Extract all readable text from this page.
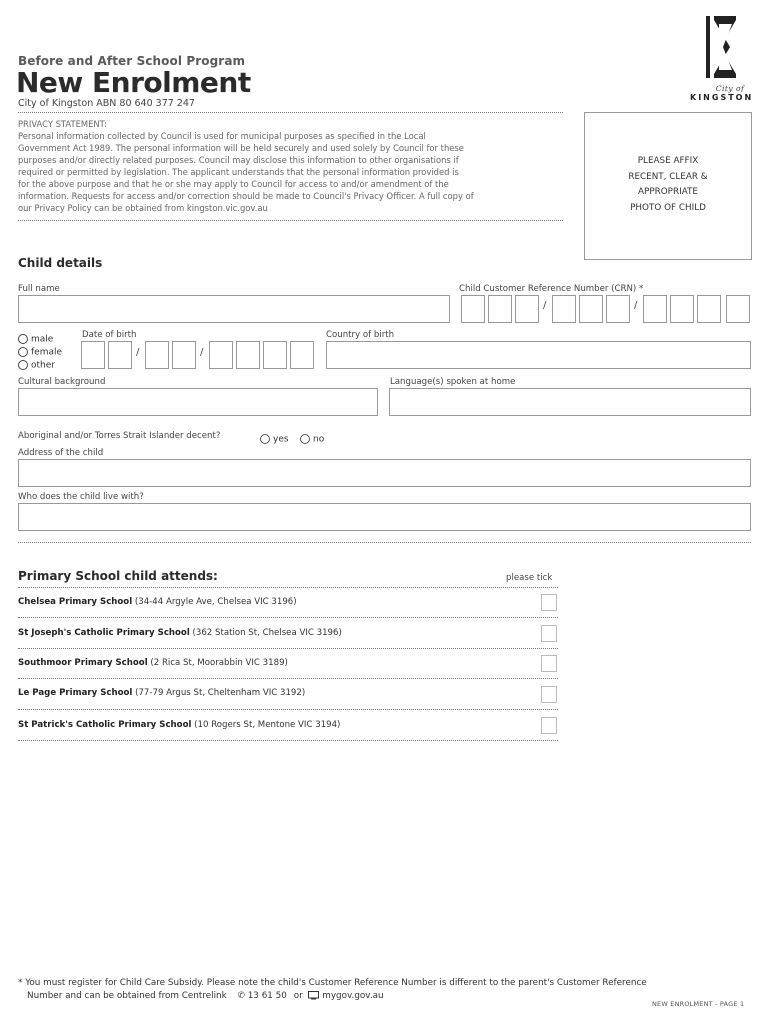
Before and After School Program
New Enrolment
City of Kingston ABN 80 640 377 247
City of
KINGSTON
PRIVACY STATEMENT:
Personal information collected by Council is used for municipal purposes as specified in the Local
Government Act 1989. The personal information will be held securely and used solely by Council for these
purposes and/or directly related purposes. Council may disclose this information to other organisations if
required or permitted by legislation. The applicant understands that the personal information provided is
for the above purpose and that he or she may apply to Council for access to and/or amendment of the
information. Requests for access and/or correction should be made to Council's Privacy Officer. A full copy of
our Privacy Policy can be obtained from kingston.vic.gov.au
PLEASE AFFIX
RECENT, CLEAR &
APPROPRIATE
PHOTO OF CHILD
Child details
Full name	Child Customer Reference Number (CRN) *
/	/
male
female
other
Date of birth
/	/
Country of birth
Cultural background	Language(s) spoken at home
Aboriginal and/or Torres Strait Islander decent?	yes	no
Address of the child
Who does the child live with?
Primary School child attends:	please tick
Chelsea Primary School (34-44 Argyle Ave, Chelsea VIC 3196)
St Joseph's Catholic Primary School (362 Station St, Chelsea VIC 3196)
Southmoor Primary School (2 Rica St, Moorabbin VIC 3189)
Le Page Primary School (77-79 Argus St, Cheltenham VIC 3192)
St Patrick's Catholic Primary School (10 Rogers St, Mentone VIC 3194)
* You must register for Child Care Subsidy. Please note the child's Customer Reference Number is different to the parent's Customer Reference
Number and can be obtained from Centrelink ✆ 13 61 50 or mygov.gov.au
NEW ENROLMENT - PAGE 1
